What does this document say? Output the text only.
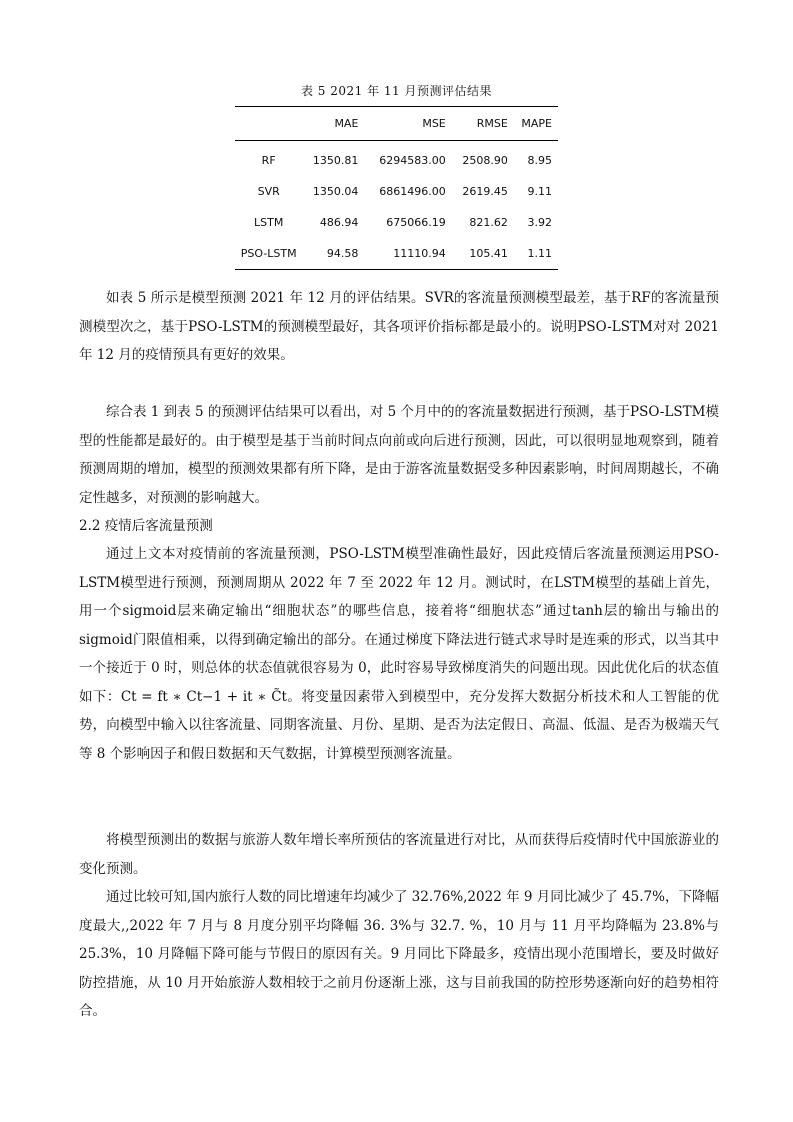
表 5 2021 年 11 月预测评估结果
	MAE	MSE	RMSE	MAPE
RF	1350.81	6294583.00	2508.90	8.95
SVR	1350.04	6861496.00	2619.45	9.11
LSTM	486.94	675066.19	821.62	3.92
PSO-LSTM	94.58	11110.94	105.41	1.11

如表 5 所示是模型预测 2021 年 12 月的评估结果。SVR的客流量预测模型最差，基于RF的客流量预测模型次之，基于PSO-LSTM的预测模型最好，其各项评价指标都是最小的。说明PSO-LSTM对对 2021 年 12 月的疫情预具有更好的效果。

综合表 1 到表 5 的预测评估结果可以看出，对 5 个月中的的客流量数据进行预测，基于PSO-LSTM模型的性能都是最好的。由于模型是基于当前时间点向前或向后进行预测，因此，可以很明显地观察到，随着预测周期的增加，模型的预测效果都有所下降，是由于游客流量数据受多种因素影响，时间周期越长，不确定性越多，对预测的影响越大。

2.2 疫情后客流量预测

通过上文本对疫情前的客流量预测，PSO-LSTM模型准确性最好，因此疫情后客流量预测运用PSO-LSTM模型进行预测，预测周期从 2022 年 7 至 2022 年 12 月。测试时，在LSTM模型的基础上首先，用一个sigmoid层来确定输出“细胞状态”的哪些信息，接着将“细胞状态”通过tanh层的输出与输出的sigmoid门限值相乘，以得到确定输出的部分。在通过梯度下降法进行链式求导时是连乘的形式，以当其中一个接近于 0 时，则总体的状态值就很容易为 0，此时容易导致梯度消失的问题出现。因此优化后的状态值如下：Ct = ft ∗ Ct−1 + it ∗ C̃t。将变量因素带入到模型中，充分发挥大数据分析技术和人工智能的优势，向模型中输入以往客流量、同期客流量、月份、星期、是否为法定假日、高温、低温、是否为极端天气等 8 个影响因子和假日数据和天气数据，计算模型预测客流量。

将模型预测出的数据与旅游人数年增长率所预估的客流量进行对比，从而获得后疫情时代中国旅游业的变化预测。

通过比较可知,国内旅行人数的同比增速年均减少了 32.76%,2022 年 9 月同比减少了 45.7%，下降幅度最大,,2022 年 7 月与 8 月度分别平均降幅 36. 3%与 32.7. %，10 月与 11 月平均降幅为 23.8%与 25.3%，10 月降幅下降可能与节假日的原因有关。9 月同比下降最多，疫情出现小范围增长，要及时做好防控措施，从 10 月开始旅游人数相较于之前月份逐渐上涨，这与目前我国的防控形势逐渐向好的趋势相符合。
